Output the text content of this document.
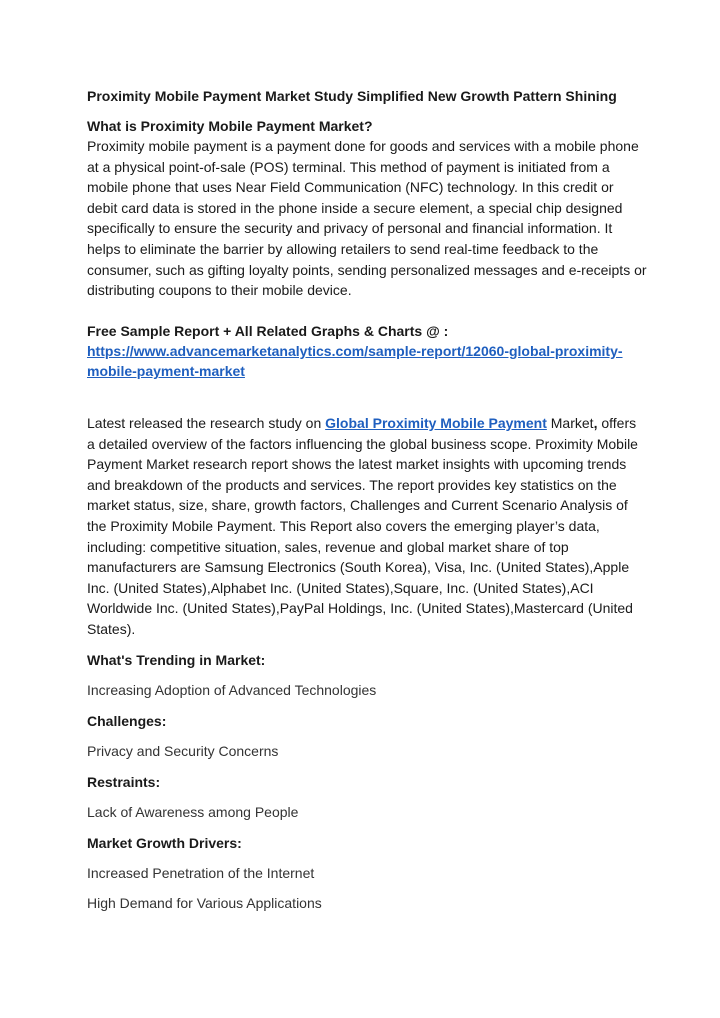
Proximity Mobile Payment Market Study Simplified New Growth Pattern Shining

What is Proximity Mobile Payment Market?

Proximity mobile payment is a payment done for goods and services with a mobile phone at a physical point-of-sale (POS) terminal. This method of payment is initiated from a mobile phone that uses Near Field Communication (NFC) technology. In this credit or debit card data is stored in the phone inside a secure element, a special chip designed specifically to ensure the security and privacy of personal and financial information. It helps to eliminate the barrier by allowing retailers to send real-time feedback to the consumer, such as gifting loyalty points, sending personalized messages and e-receipts or distributing coupons to their mobile device.

Free Sample Report + All Related Graphs & Charts @ :

https://www.advancemarketanalytics.com/sample-report/12060-global-proximity-mobile-payment-market

Latest released the research study on Global Proximity Mobile Payment Market, offers a detailed overview of the factors influencing the global business scope. Proximity Mobile Payment Market research report shows the latest market insights with upcoming trends and breakdown of the products and services. The report provides key statistics on the market status, size, share, growth factors, Challenges and Current Scenario Analysis of the Proximity Mobile Payment. This Report also covers the emerging player’s data, including: competitive situation, sales, revenue and global market share of top manufacturers are Samsung Electronics (South Korea), Visa, Inc. (United States),Apple Inc. (United States),Alphabet Inc. (United States),Square, Inc. (United States),ACI Worldwide Inc. (United States),PayPal Holdings, Inc. (United States),Mastercard (United States).

What's Trending in Market:

Increasing Adoption of Advanced Technologies

Challenges:

Privacy and Security Concerns

Restraints:

Lack of Awareness among People

Market Growth Drivers:

Increased Penetration of the Internet

High Demand for Various Applications
